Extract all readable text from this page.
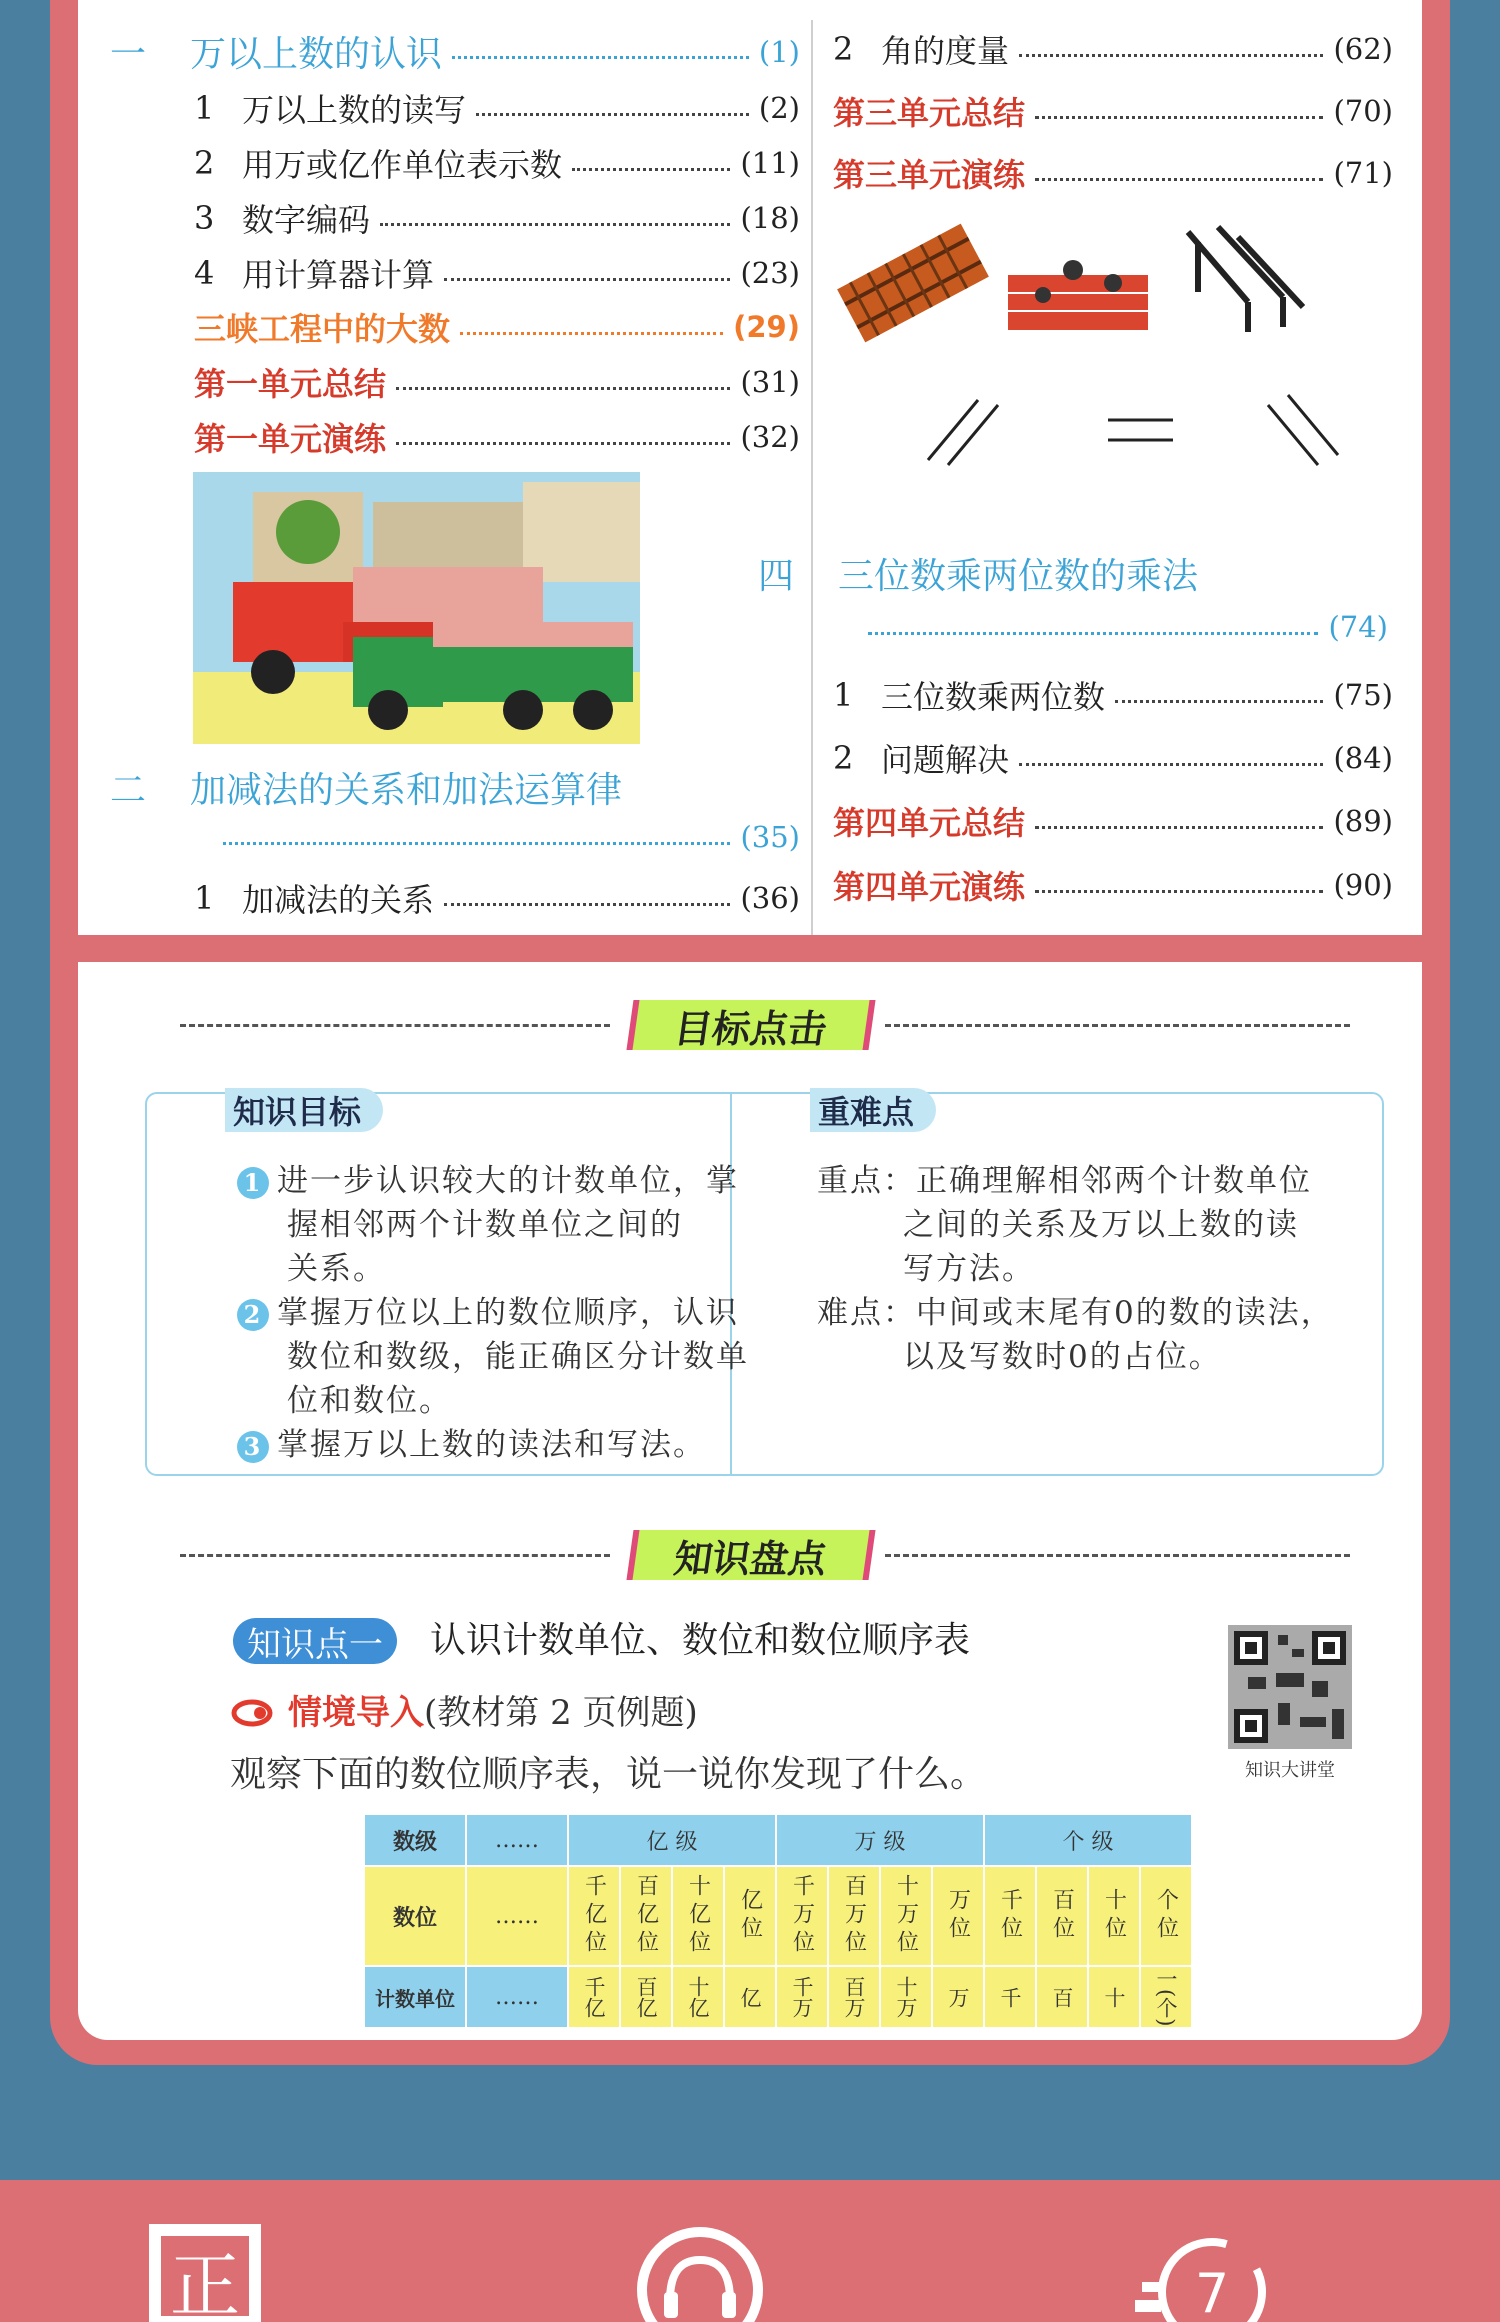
一	万以上数的认识	(1)
1 万以上数的读写	(2)
2 用万或亿作单位表示数	(11)
3 数字编码	(18)
4 用计算器计算	(23)
三峡工程中的大数	(29)
第一单元总结	(31)
第一单元演练	(32)
二	加减法的关系和加法运算律
(35)
1 加减法的关系	(36)
2 角的度量	(62)
第三单元总结	(70)
第三单元演练	(71)
四	三位数乘两位数的乘法
(74)
1 三位数乘两位数	(75)
2 问题解决	(84)
第四单元总结	(89)
第四单元演练	(90)
目标点击
知识目标	重难点
1 进一步认识较大的计数单位，掌
握相邻两个计数单位之间的
关系。
2 掌握万位以上的数位顺序，认识
数位和数级，能正确区分计数单
位和数位。
3 掌握万以上数的读法和写法。
重点：正确理解相邻两个计数单位
之间的关系及万以上数的读
写方法。
难点：中间或末尾有0的数的读法，
以及写数时0的占位。
知识盘点
知识点一	认识计数单位、数位和数位顺序表
情境导入 (教材第 2 页例题)
观察下面的数位顺序表，说一说你发现了什么。	知识大讲堂
数级	……	亿 级				万 级				个 级			
数位	……	千亿位	百亿位	十亿位	亿位	千万位	百万位	十万位	万位	千位	百位	十位	个位
计数单位	……	千亿	百亿	十亿	亿	千万	百万	十万	万	千	百	十	一(个)
正	7
